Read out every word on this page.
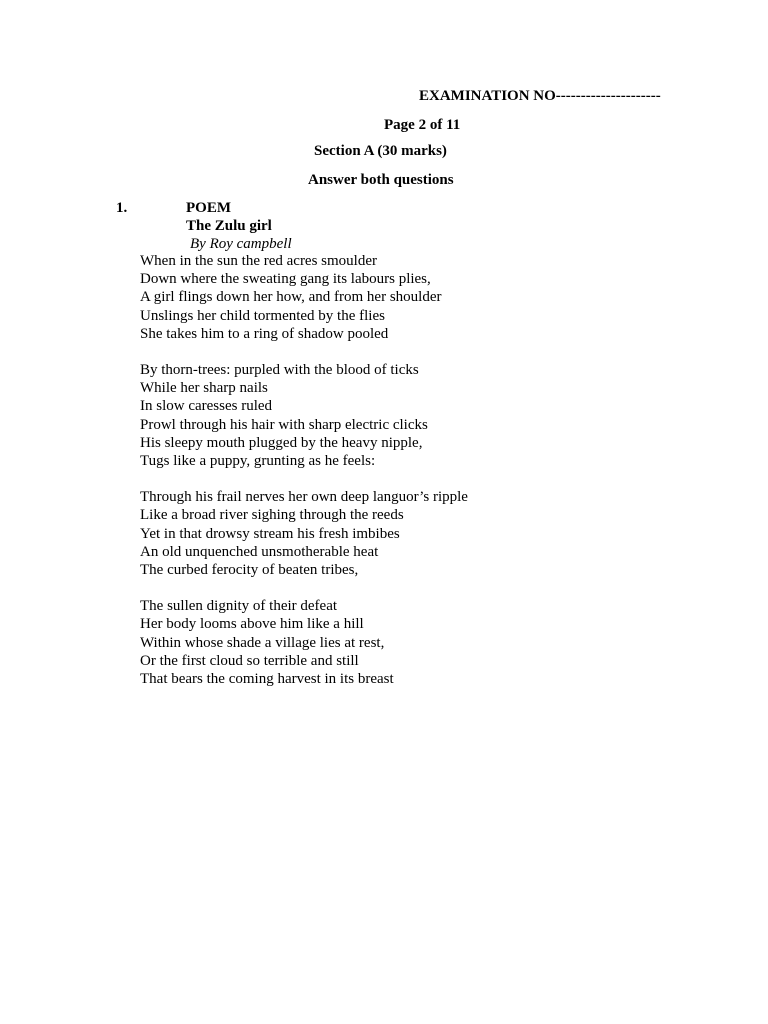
EXAMINATION NO---------------------
Page 2 of 11
Section A (30 marks)
Answer both questions
1.	POEM
The Zulu girl
By Roy campbell
When in the sun the red acres smoulder
Down where the sweating gang its labours plies,
A girl flings down her how, and from her shoulder
Unslings her child tormented by the flies
She takes him to a ring of shadow pooled
By thorn-trees: purpled with the blood of ticks
While her sharp nails
In slow caresses ruled
Prowl through his hair with sharp electric clicks
His sleepy mouth plugged by the heavy nipple,
Tugs like a puppy, grunting as he feels:
Through his frail nerves her own deep languor’s ripple
Like a broad river sighing through the reeds
Yet in that drowsy stream his fresh imbibes
An old unquenched unsmotherable heat
The curbed ferocity of beaten tribes,
The sullen dignity of their defeat
Her body looms above him like a hill
Within whose shade a village lies at rest,
Or the first cloud so terrible and still
That bears the coming harvest in its breast
